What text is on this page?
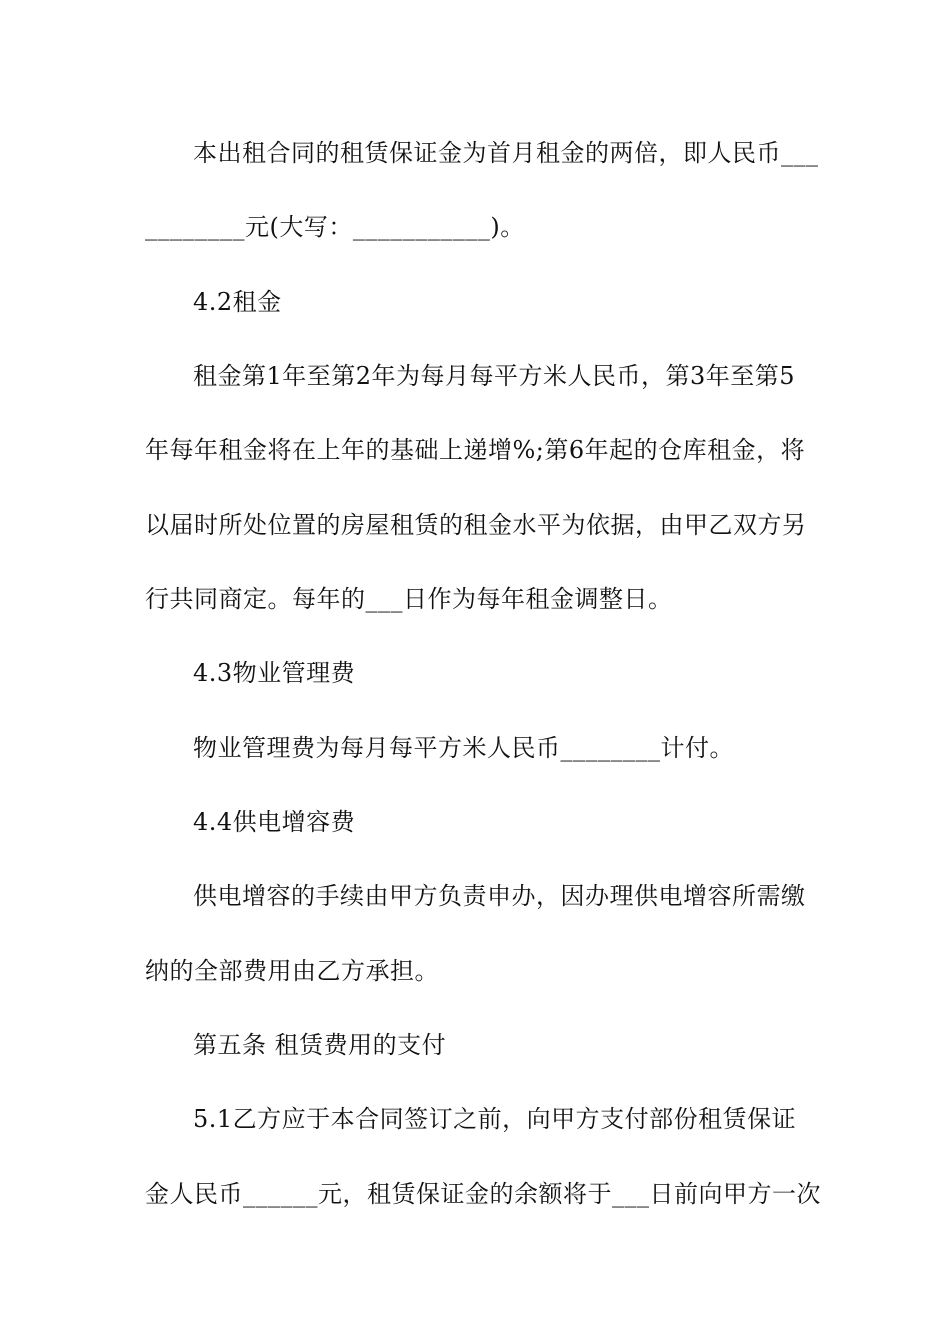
本出租合同的租赁保证金为首月租金的两倍，即人民币___
________元(大写：___________)。
4.2租金
租金第1年至第2年为每月每平方米人民币，第3年至第5
年每年租金将在上年的基础上递增%;第6年起的仓库租金，将
以届时所处位置的房屋租赁的租金水平为依据，由甲乙双方另
行共同商定。每年的___日作为每年租金调整日。
4.3物业管理费
物业管理费为每月每平方米人民币________计付。
4.4供电增容费
供电增容的手续由甲方负责申办，因办理供电增容所需缴
纳的全部费用由乙方承担。
第五条 租赁费用的支付
5.1乙方应于本合同签订之前，向甲方支付部份租赁保证
金人民币______元，租赁保证金的余额将于___日前向甲方一次
